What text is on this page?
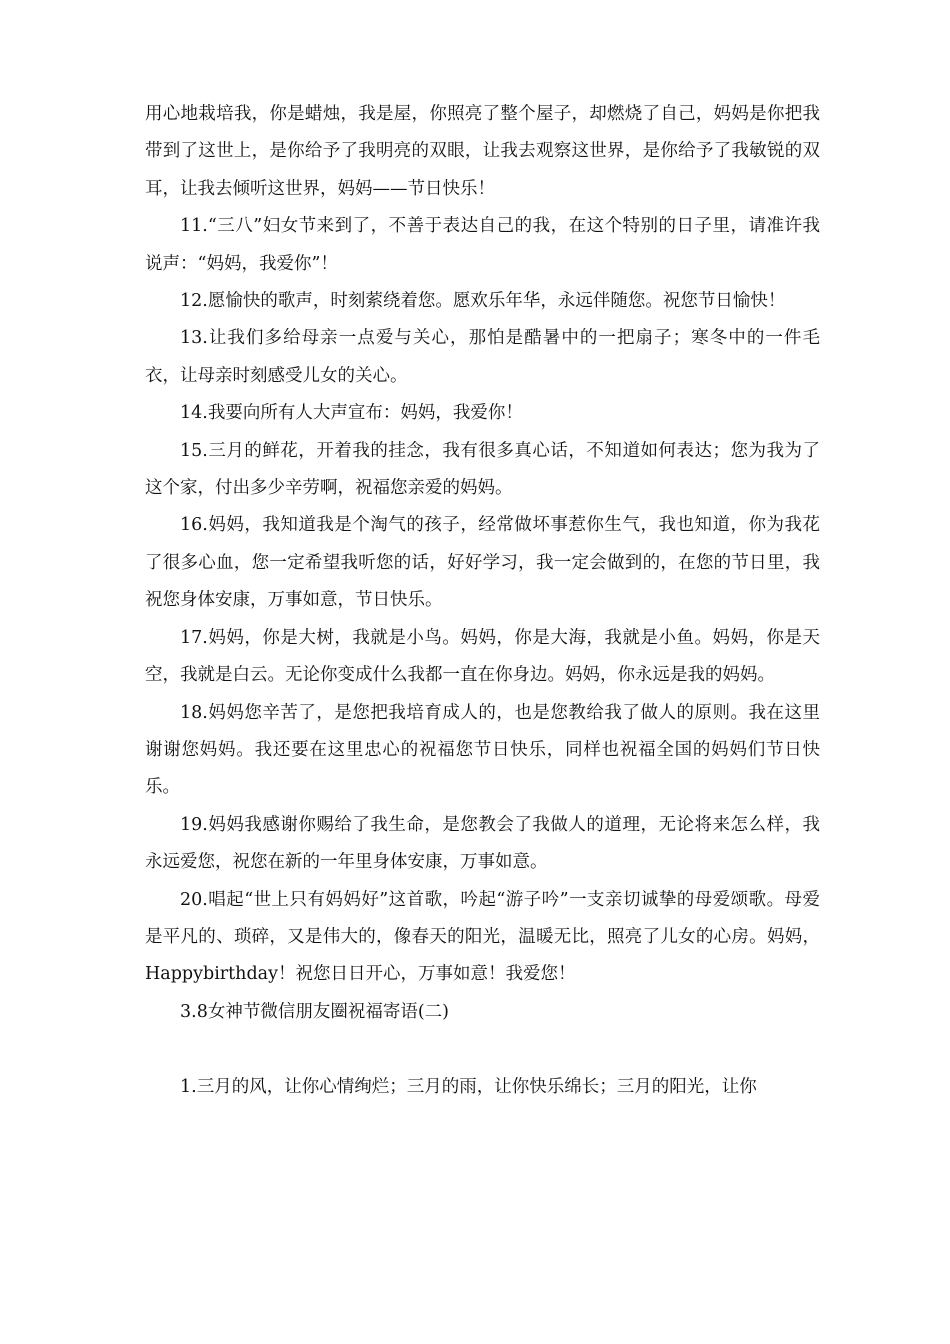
用心地栽培我，你是蜡烛，我是屋，你照亮了整个屋子，却燃烧了自己，妈妈是你把我带到了这世上，是你给予了我明亮的双眼，让我去观察这世界，是你给予了我敏锐的双耳，让我去倾听这世界，妈妈——节日快乐！

11.“三八”妇女节来到了，不善于表达自己的我，在这个特别的日子里，请准许我说声：“妈妈，我爱你”！

12.愿愉快的歌声，时刻萦绕着您。愿欢乐年华，永远伴随您。祝您节日愉快！

13.让我们多给母亲一点爱与关心，那怕是酷暑中的一把扇子；寒冬中的一件毛衣，让母亲时刻感受儿女的关心。

14.我要向所有人大声宣布：妈妈，我爱你！

15.三月的鲜花，开着我的挂念，我有很多真心话，不知道如何表达；您为我为了这个家，付出多少辛劳啊，祝福您亲爱的妈妈。

16.妈妈，我知道我是个淘气的孩子，经常做坏事惹你生气，我也知道，你为我花了很多心血，您一定希望我听您的话，好好学习，我一定会做到的，在您的节日里，我祝您身体安康，万事如意，节日快乐。

17.妈妈，你是大树，我就是小鸟。妈妈，你是大海，我就是小鱼。妈妈，你是天空，我就是白云。无论你变成什么我都一直在你身边。妈妈，你永远是我的妈妈。

18.妈妈您辛苦了，是您把我培育成人的，也是您教给我了做人的原则。我在这里谢谢您妈妈。我还要在这里忠心的祝福您节日快乐，同样也祝福全国的妈妈们节日快乐。

19.妈妈我感谢你赐给了我生命，是您教会了我做人的道理，无论将来怎么样，我永远爱您，祝您在新的一年里身体安康，万事如意。

20.唱起“世上只有妈妈好”这首歌，吟起“游子吟”一支亲切诚挚的母爱颂歌。母爱是平凡的、琐碎，又是伟大的，像春天的阳光，温暖无比，照亮了儿女的心房。妈妈，Happybirthday！祝您日日开心，万事如意！我爱您！

3.8女神节微信朋友圈祝福寄语(二)

1.三月的风，让你心情绚烂；三月的雨，让你快乐绵长；三月的阳光，让你
